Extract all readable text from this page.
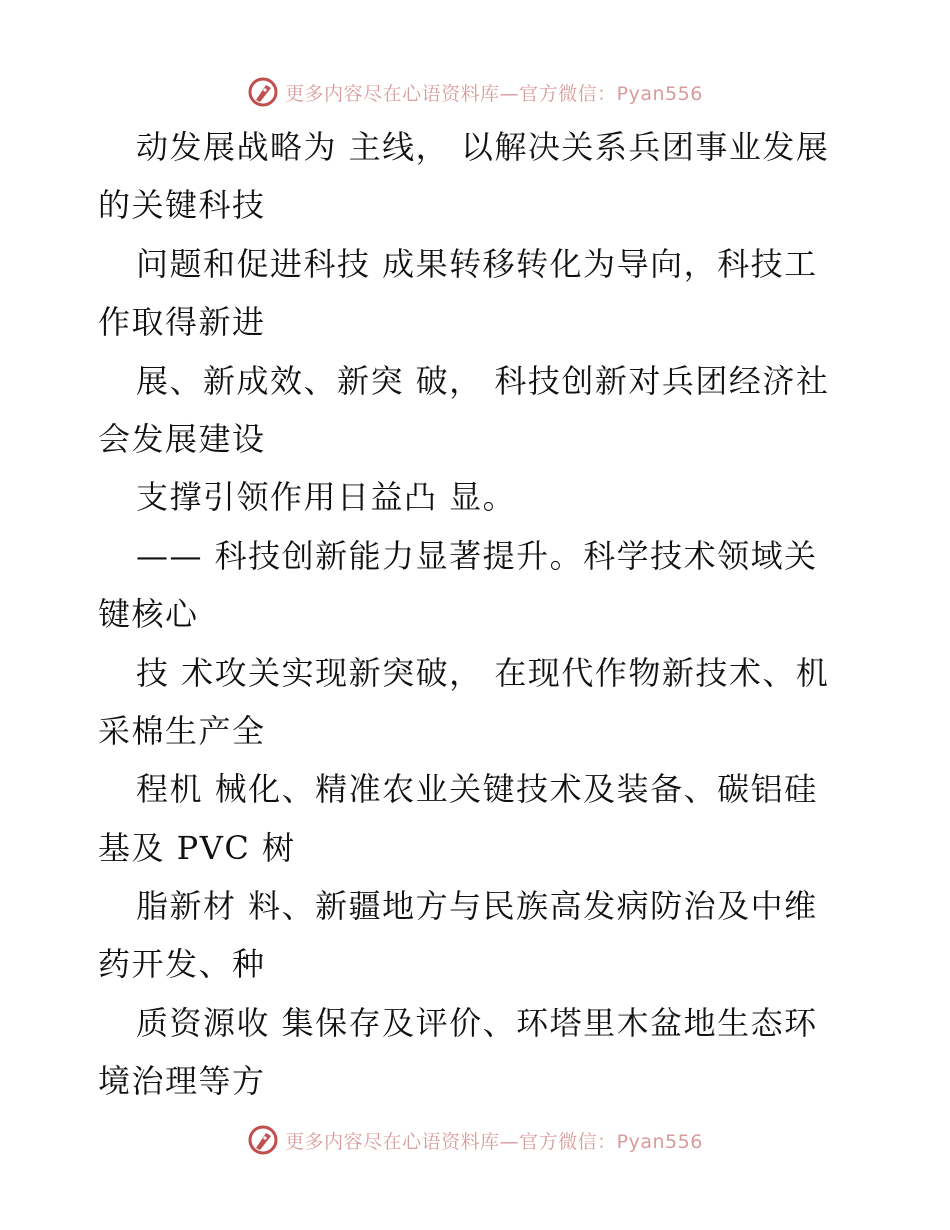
更多内容尽在心语资料库—官方微信：Pyan556
动发展战略为 主线， 以解决关系兵团事业发展
的关键科技
问题和促进科技 成果转移转化为导向，科技工
作取得新进
展、新成效、新突 破， 科技创新对兵团经济社
会发展建设
支撑引领作用日益凸 显。
—— 科技创新能力显著提升。科学技术领域关
键核心
技 术攻关实现新突破， 在现代作物新技术、机
采棉生产全
程机 械化、精准农业关键技术及装备、碳铝硅
基及 PVC 树
脂新材 料、新疆地方与民族高发病防治及中维
药开发、种
质资源收 集保存及评价、环塔里木盆地生态环
境治理等方
更多内容尽在心语资料库—官方微信：Pyan556
